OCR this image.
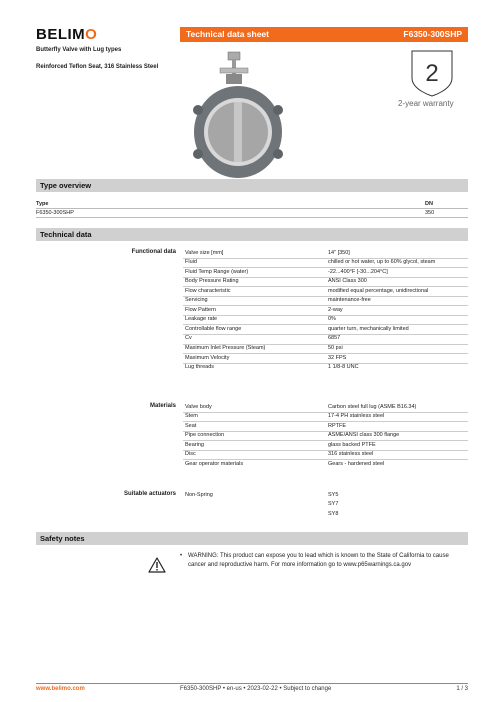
BELIMO	Technical data sheet	F6350-300SHP
Butterfly Valve with Lug types
Reinforced Teflon Seat, 316 Stainless Steel	2
2-year warranty
Type overview
Type	DN
F6350-300SHP	350
Technical data
Functional data Valve size [mm]	14" [350]
Fluid	chilled or hot water, up to 60% glycol, steam
Fluid Temp Range (water)	-22...400°F [-30...204°C]
Body Pressure Rating	ANSI Class 300
Flow characteristic	modified equal percentage, unidirectional
Servicing	maintenance-free
Flow Pattern	2-way
Leakage rate	0%
Controllable flow range	quarter turn, mechanically limited
Cv	6857
Maximum Inlet Pressure (Steam)	50 psi
Maximum Velocity	32 FPS
Lug threads	1 1/8-8 UNC
Materials Valve body	Carbon steel full lug (ASME B16.34)
Stem	17-4 PH stainless steel
Seat	RPTFE
Pipe connection	ASME/ANSI class 300 flange
Bearing	glass backed PTFE
Disc	316 stainless steel
Gear operator materials	Gears - hardened steel
Suitable actuators Non-Spring	SY5
SY7
SY8
Safety notes
• WARNING: This product can expose you to lead which is known to the State of California to cause cancer and reproductive harm. For more information go to www.p65warnings.ca.gov
www.belimo.com	F6350-300SHP • en-us • 2023-02-22 • Subject to change	1 / 3
